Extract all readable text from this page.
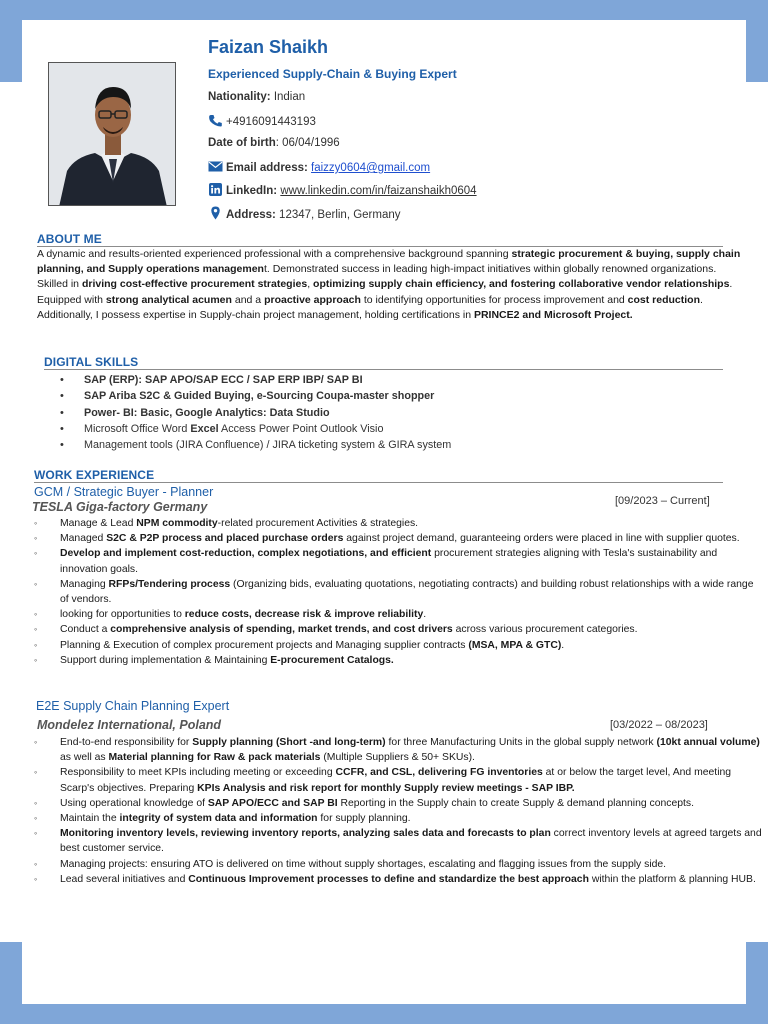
Faizan Shaikh
Experienced Supply-Chain & Buying Expert
Nationality: Indian
+4916091443193
Date of birth: 06/04/1996
Email address: faizzy0604@gmail.com
LinkedIn: www.linkedin.com/in/faizanshaikh0604
Address: 12347, Berlin, Germany
ABOUT ME

A dynamic and results-oriented experienced professional with a comprehensive background spanning strategic procurement & buying, supply chain planning, and Supply operations management. Demonstrated success in leading high-impact initiatives within globally renowned organizations. Skilled in driving cost-effective procurement strategies, optimizing supply chain efficiency, and fostering collaborative vendor relationships. Equipped with strong analytical acumen and a proactive approach to identifying opportunities for process improvement and cost reduction. Additionally, I possess expertise in Supply-chain project management, holding certifications in PRINCE2 and Microsoft Project.

DIGITAL SKILLS
• SAP (ERP): SAP APO/SAP ECC / SAP ERP IBP/ SAP BI
• SAP Ariba S2C & Guided Buying, e-Sourcing Coupa-master shopper
• Power- BI: Basic, Google Analytics: Data Studio
• Microsoft Office Word Excel Access Power Point Outlook Visio
• Management tools (JIRA Confluence) / JIRA ticketing system & GIRA system
WORK EXPERIENCE
GCM / Strategic Buyer - Planner
[09/2023 – Current]
TESLA Giga-factory Germany
◦ Manage & Lead NPM commodity-related procurement Activities & strategies.
◦ Managed S2C & P2P process and placed purchase orders against project demand, guaranteeing orders were placed in line with supplier quotes.
◦ Develop and implement cost-reduction, complex negotiations, and efficient procurement strategies aligning with Tesla's sustainability and innovation goals.
◦ Managing RFPs/Tendering process (Organizing bids, evaluating quotations, negotiating contracts) and building robust relationships with a wide range of vendors.
◦ looking for opportunities to reduce costs, decrease risk & improve reliability.
◦ Conduct a comprehensive analysis of spending, market trends, and cost drivers across various procurement categories.
◦ Planning & Execution of complex procurement projects and Managing supplier contracts (MSA, MPA & GTC).
◦ Support during implementation & Maintaining E-procurement Catalogs.
E2E Supply Chain Planning Expert
[03/2022 – 08/2023]
Mondelez International, Poland
◦ End-to-end responsibility for Supply planning (Short -and long-term) for three Manufacturing Units in the global supply network (10kt annual volume) as well as Material planning for Raw & pack materials (Multiple Suppliers & 50+ SKUs).
◦ Responsibility to meet KPIs including meeting or exceeding CCFR, and CSL, delivering FG inventories at or below the target level, And meeting Scarp's objectives. Preparing KPIs Analysis and risk report for monthly Supply review meetings - SAP IBP.
◦ Using operational knowledge of SAP APO/ECC and SAP BI Reporting in the Supply chain to create Supply & demand planning concepts.
◦ Maintain the integrity of system data and information for supply planning.
◦ Monitoring inventory levels, reviewing inventory reports, analyzing sales data and forecasts to plan correct inventory levels at agreed targets and best customer service.
◦ Managing projects: ensuring ATO is delivered on time without supply shortages, escalating and flagging issues from the supply side.
◦ Lead several initiatives and Continuous Improvement processes to define and standardize the best approach within the platform & planning HUB.
